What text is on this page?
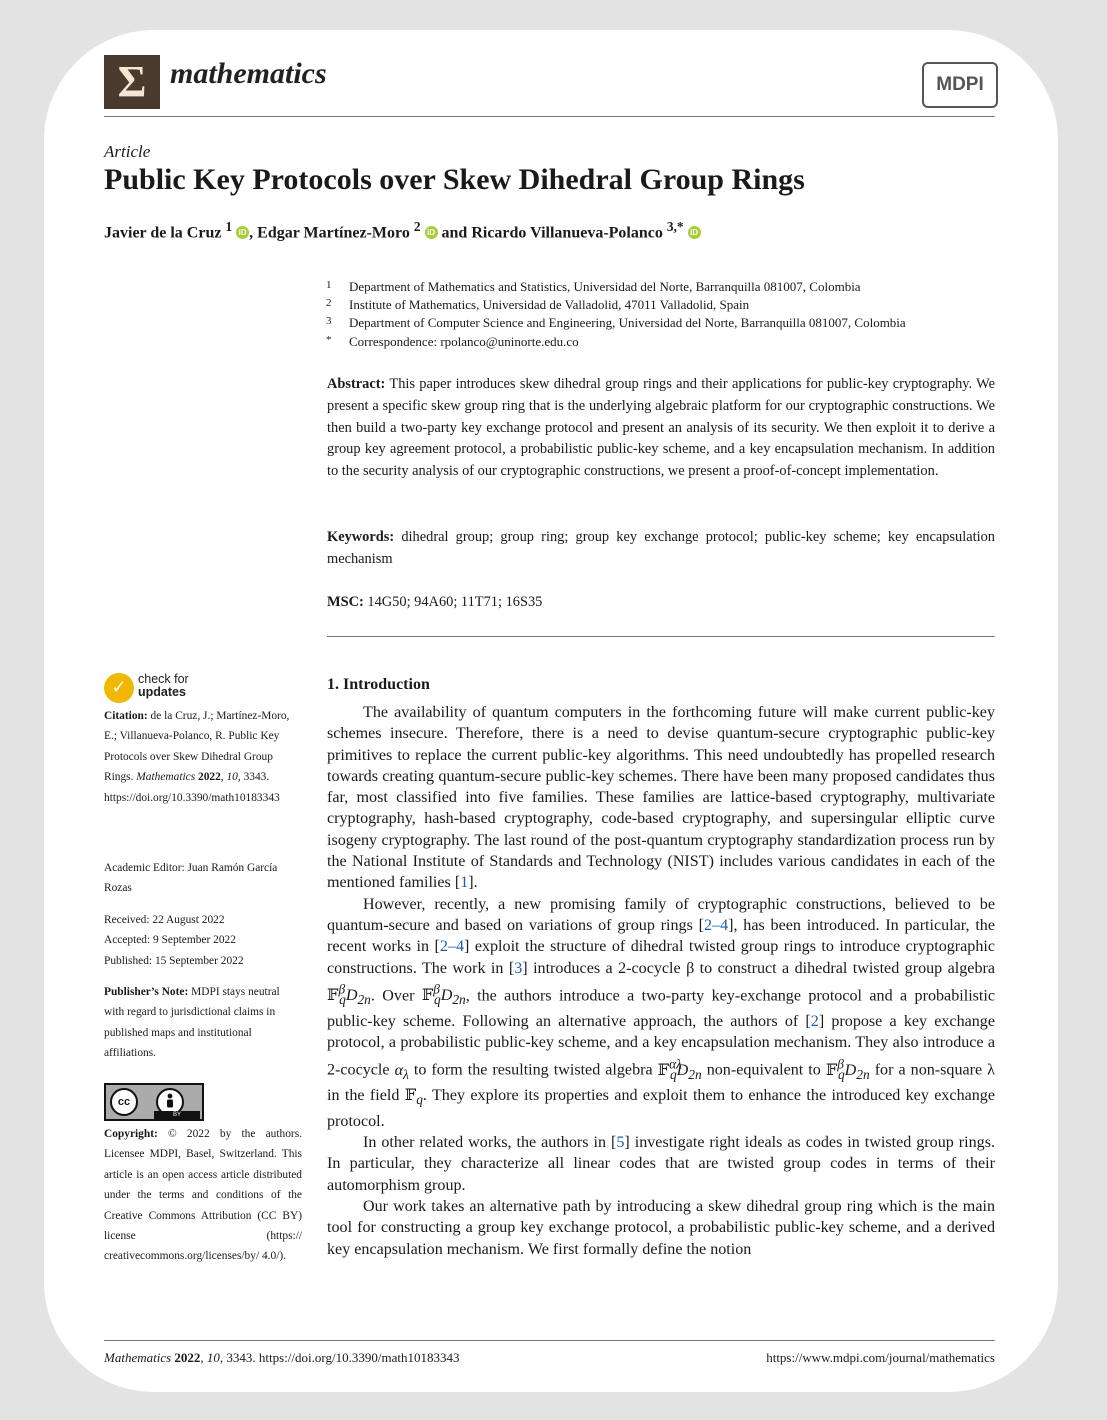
Σ mathematics	MDPI
Article
Public Key Protocols over Skew Dihedral Group Rings
Javier de la Cruz $^1$ iD , Edgar Martínez-Moro $^2$ iD and Ricardo Villanueva-Polanco $^{3,*}$ iD
1	Department of Mathematics and Statistics, Universidad del Norte, Barranquilla 081007, Colombia
2	Institute of Mathematics, Universidad de Valladolid, 47011 Valladolid, Spain
3	Department of Computer Science and Engineering, Universidad del Norte, Barranquilla 081007, Colombia
*	Correspondence: rpolanco@uninorte.edu.co
Abstract: This paper introduces skew dihedral group rings and their applications for public-key cryptography. We present a specific skew group ring that is the underlying algebraic platform for our cryptographic constructions. We then build a two-party key exchange protocol and present an analysis of its security. We then exploit it to derive a group key agreement protocol, a probabilistic public-key scheme, and a key encapsulation mechanism. In addition to the security analysis of our cryptographic constructions, we present a proof-of-concept implementation.
Keywords: dihedral group; group ring; group key exchange protocol; public-key scheme; key encapsulation mechanism
MSC: 14G50; 94A60; 11T71; 16S35
✓ check for
updates
Citation: de la Cruz, J.; Martínez-Moro, E.; Villanueva-Polanco, R. Public Key Protocols over Skew Dihedral Group Rings. Mathematics 2022, 10, 3343. https://doi.org/10.3390/math10183343
Academic Editor: Juan Ramón García Rozas
Received: 22 August 2022
Accepted: 9 September 2022
Published: 15 September 2022
Publisher’s Note: MDPI stays neutral with regard to jurisdictional claims in published maps and institutional affiliations.
cc
BY
Copyright: © 2022 by the authors. Licensee MDPI, Basel, Switzerland. This article is an open access article distributed under the terms and conditions of the Creative Commons Attribution (CC BY) license (https:// creativecommons.org/licenses/by/ 4.0/).
1. Introduction

The availability of quantum computers in the forthcoming future will make current public-key schemes insecure. Therefore, there is a need to devise quantum-secure cryptographic public-key primitives to replace the current public-key algorithms. This need undoubtedly has propelled research towards creating quantum-secure public-key schemes. There have been many proposed candidates thus far, most classified into five families. These families are lattice-based cryptography, multivariate cryptography, hash-based cryptography, code-based cryptography, and supersingular elliptic curve isogeny cryptography. The last round of the post-quantum cryptography standardization process run by the National Institute of Standards and Technology (NIST) includes various candidates in each of the mentioned families [1].

However, recently, a new promising family of cryptographic constructions, believed to be quantum-secure and based on variations of group rings [2–4], has been introduced. In particular, the recent works in [2–4] exploit the structure of dihedral twisted group rings to introduce cryptographic constructions. The work in [3] introduces a 2-cocycle β to construct a dihedral twisted group algebra $𝔽^\beta_qD_{2n}$. Over $𝔽^\beta_qD_{2n}$, the authors introduce a two-party key-exchange protocol and a probabilistic public-key scheme. Following an alternative approach, the authors of [2] propose a key exchange protocol, a probabilistic public-key scheme, and a key encapsulation mechanism. They also introduce a 2-cocycle $\alpha_\lambda$ to form the resulting twisted algebra $𝔽^{\alpha\lambda}_qD_{2n}$ non-equivalent to $𝔽^\beta_qD_{2n}$ for a non-square λ in the field 𝔽$_q$. They explore its properties and exploit them to enhance the introduced key exchange protocol.

In other related works, the authors in [5] investigate right ideals as codes in twisted group rings. In particular, they characterize all linear codes that are twisted group codes in terms of their automorphism group.

Our work takes an alternative path by introducing a skew dihedral group ring which is the main tool for constructing a group key exchange protocol, a probabilistic public-key scheme, and a derived key encapsulation mechanism. We first formally define the notion

Mathematics 2022, 10, 3343. https://doi.org/10.3390/math10183343	https://www.mdpi.com/journal/mathematics
